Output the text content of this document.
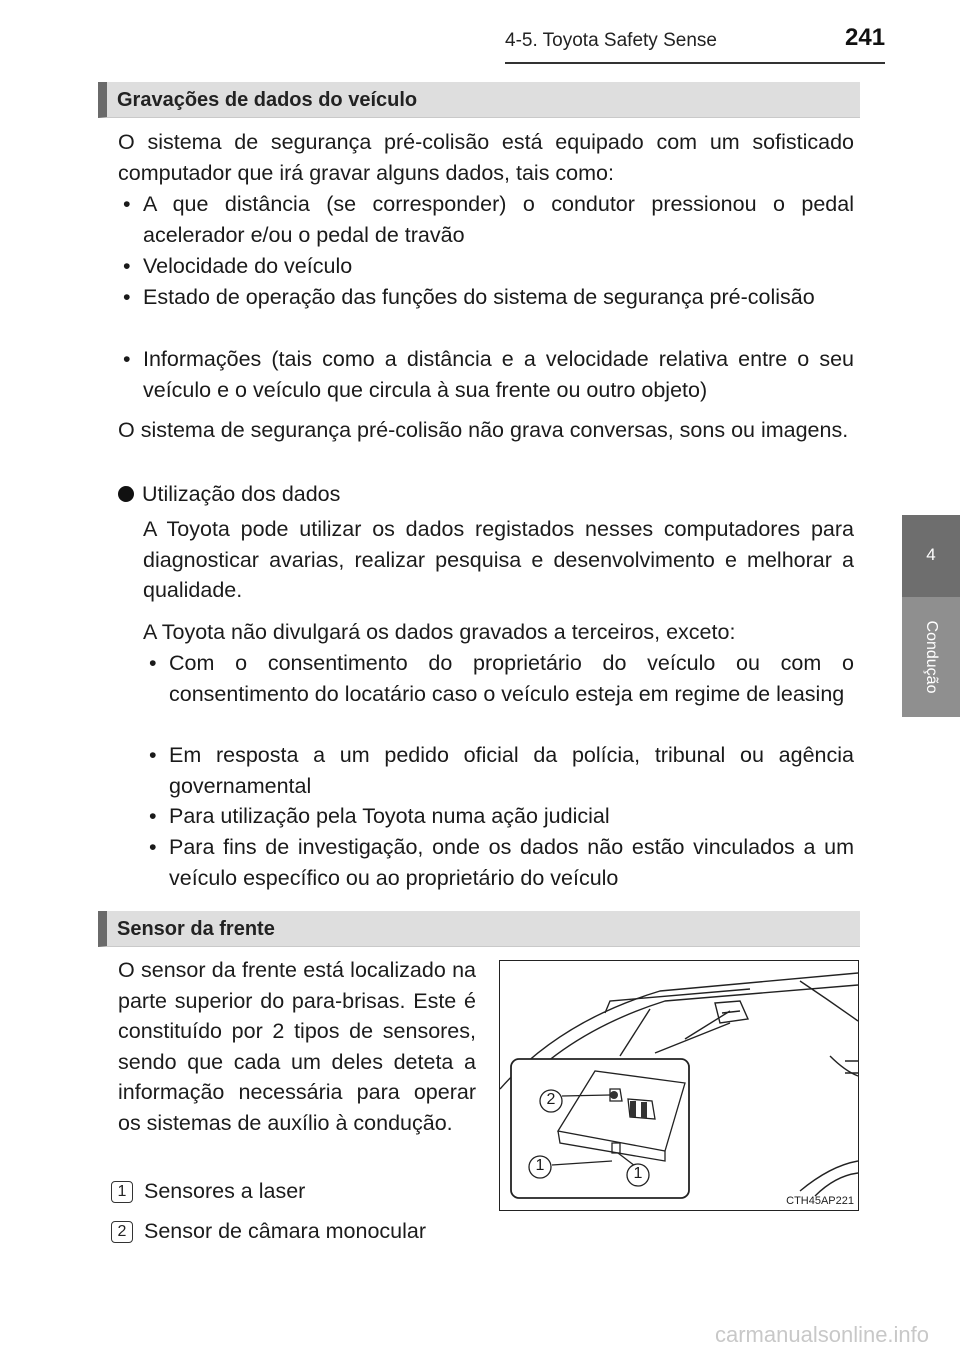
4-5. Toyota Safety Sense	241
4
Condução
Gravações de dados do veículo
O sistema de segurança pré-colisão está equipado com um sofisticado computador que irá gravar alguns dados, tais como:
• A que distância (se corresponder) o condutor pressionou o pedal acelerador e/ou o pedal de travão
• Velocidade do veículo
• Estado de operação das funções do sistema de segurança pré-colisão
• Informações (tais como a distância e a velocidade relativa entre o seu veículo e o veículo que circula à sua frente ou outro objeto)
O sistema de segurança pré-colisão não grava conversas, sons ou imagens.
Utilização dos dados
A Toyota pode utilizar os dados registados nesses computadores para diagnosticar avarias, realizar pesquisa e desenvolvimento e melhorar a qualidade.
A Toyota não divulgará os dados gravados a terceiros, exceto:
• Com o consentimento do proprietário do veículo ou com o consentimento do locatário caso o veículo esteja em regime de leasing
• Em resposta a um pedido oficial da polícia, tribunal ou agência governamental
• Para utilização pela Toyota numa ação judicial
• Para fins de investigação, onde os dados não estão vinculados a um veículo específico ou ao proprietário do veículo
Sensor da frente
O sensor da frente está localizado na parte superior do para-brisas. Este é constituído por 2 tipos de sensores, sendo que cada um deles deteta a informação necessária para operar os sistemas de auxílio à condução.
2
1	1
CTH45AP221
1 Sensores a laser
2 Sensor de câmara monocular
carmanualsonline.info
